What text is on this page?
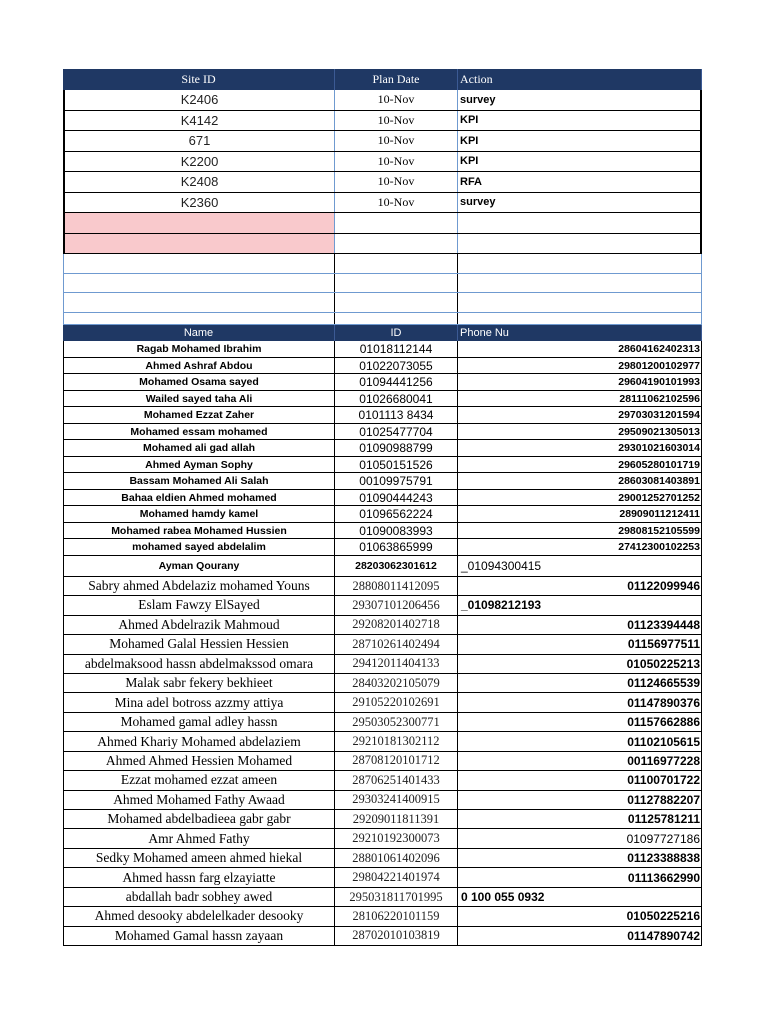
Site ID	Plan Date	Action
K2406	10-Nov	survey
K4142	10-Nov	KPI
671	10-Nov	KPI
K2200	10-Nov	KPI
K2408	10-Nov	RFA
K2360	10-Nov	survey
Name	ID	Phone Nu
Ragab Mohamed Ibrahim	01018112144	28604162402313
Ahmed Ashraf Abdou	01022073055	29801200102977
Mohamed Osama sayed	01094441256	29604190101993
Wailed sayed taha Ali	01026680041	28111062102596
Mohamed Ezzat Zaher	0101113 8434	29703031201594
Mohamed essam mohamed	01025477704	29509021305013
Mohamed ali gad allah	01090988799	29301021603014
Ahmed Ayman Sophy	01050151526	29605280101719
Bassam Mohamed Ali Salah	00109975791	28603081403891
Bahaa eldien Ahmed mohamed	01090444243	29001252701252
Mohamed hamdy kamel	01096562224	28909011212411
Mohamed rabea Mohamed Hussien	01090083993	29808152105599
mohamed sayed abdelalim	01063865999	27412300102253
Ayman Qourany	28203062301612	_01094300415
Sabry ahmed Abdelaziz mohamed Youns	28808011412095	01122099946
Eslam Fawzy ElSayed	29307101206456	_01098212193
Ahmed Abdelrazik Mahmoud	29208201402718	01123394448
Mohamed Galal Hessien Hessien	28710261402494	01156977511
abdelmaksood hassn abdelmakssod omara	29412011404133	01050225213
Malak sabr fekery bekhieet	28403202105079	01124665539
Mina adel botross azzmy attiya	29105220102691	01147890376
Mohamed gamal adley hassn	29503052300771	01157662886
Ahmed Khariy Mohamed abdelaziem	29210181302112	01102105615
Ahmed Ahmed Hessien Mohamed	28708120101712	00116977228
Ezzat mohamed ezzat ameen	28706251401433	01100701722
Ahmed Mohamed Fathy Awaad	29303241400915	01127882207
Mohamed abdelbadieea gabr gabr	29209011811391	01125781211
Amr Ahmed Fathy	29210192300073	01097727186
Sedky Mohamed ameen ahmed hiekal	28801061402096	01123388838
Ahmed hassn farg elzayiatte	29804221401974	01113662990
abdallah badr sobhey awed	295031811701995	0 100 055 0932
Ahmed desooky abdelelkader desooky	28106220101159	01050225216
Mohamed Gamal hassn zayaan	28702010103819	01147890742
